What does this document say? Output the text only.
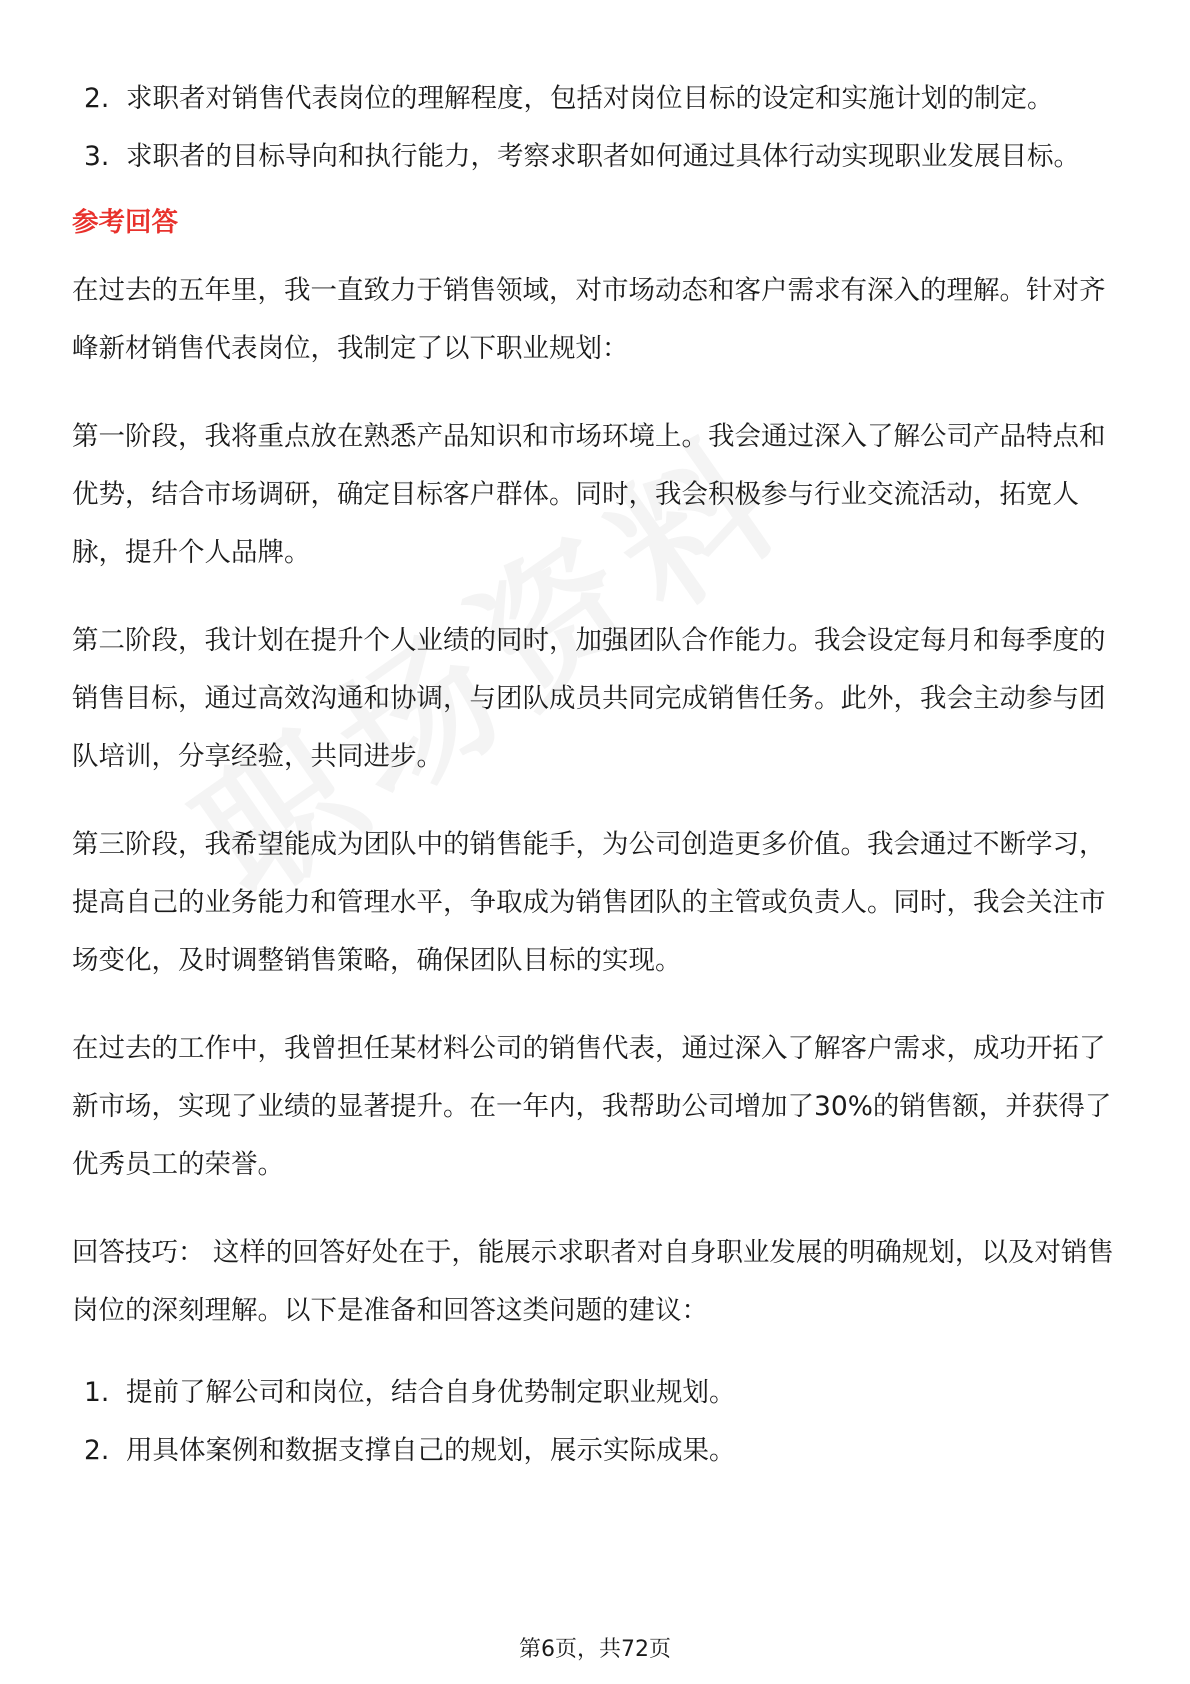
2. 求职者对销售代表岗位的理解程度，包括对岗位目标的设定和实施计划的制定。
3. 求职者的目标导向和执行能力，考察求职者如何通过具体行动实现职业发展目标。
参考回答

在过去的五年里，我一直致力于销售领域，对市场动态和客户需求有深入的理解。针对齐峰新材销售代表岗位，我制定了以下职业规划：

第一阶段，我将重点放在熟悉产品知识和市场环境上。我会通过深入了解公司产品特点和优势，结合市场调研，确定目标客户群体。同时，我会积极参与行业交流活动，拓宽人脉，提升个人品牌。

第二阶段，我计划在提升个人业绩的同时，加强团队合作能力。我会设定每月和每季度的销售目标，通过高效沟通和协调，与团队成员共同完成销售任务。此外，我会主动参与团队培训，分享经验，共同进步。

第三阶段，我希望能成为团队中的销售能手，为公司创造更多价值。我会通过不断学习，提高自己的业务能力和管理水平，争取成为销售团队的主管或负责人。同时，我会关注市场变化，及时调整销售策略，确保团队目标的实现。

在过去的工作中，我曾担任某材料公司的销售代表，通过深入了解客户需求，成功开拓了新市场，实现了业绩的显著提升。在一年内，我帮助公司增加了30%的销售额，并获得了优秀员工的荣誉。

回答技巧： 这样的回答好处在于，能展示求职者对自身职业发展的明确规划，以及对销售岗位的深刻理解。以下是准备和回答这类问题的建议：

1. 提前了解公司和岗位，结合自身优势制定职业规划。
2. 用具体案例和数据支撑自己的规划，展示实际成果。
第6页，共72页
